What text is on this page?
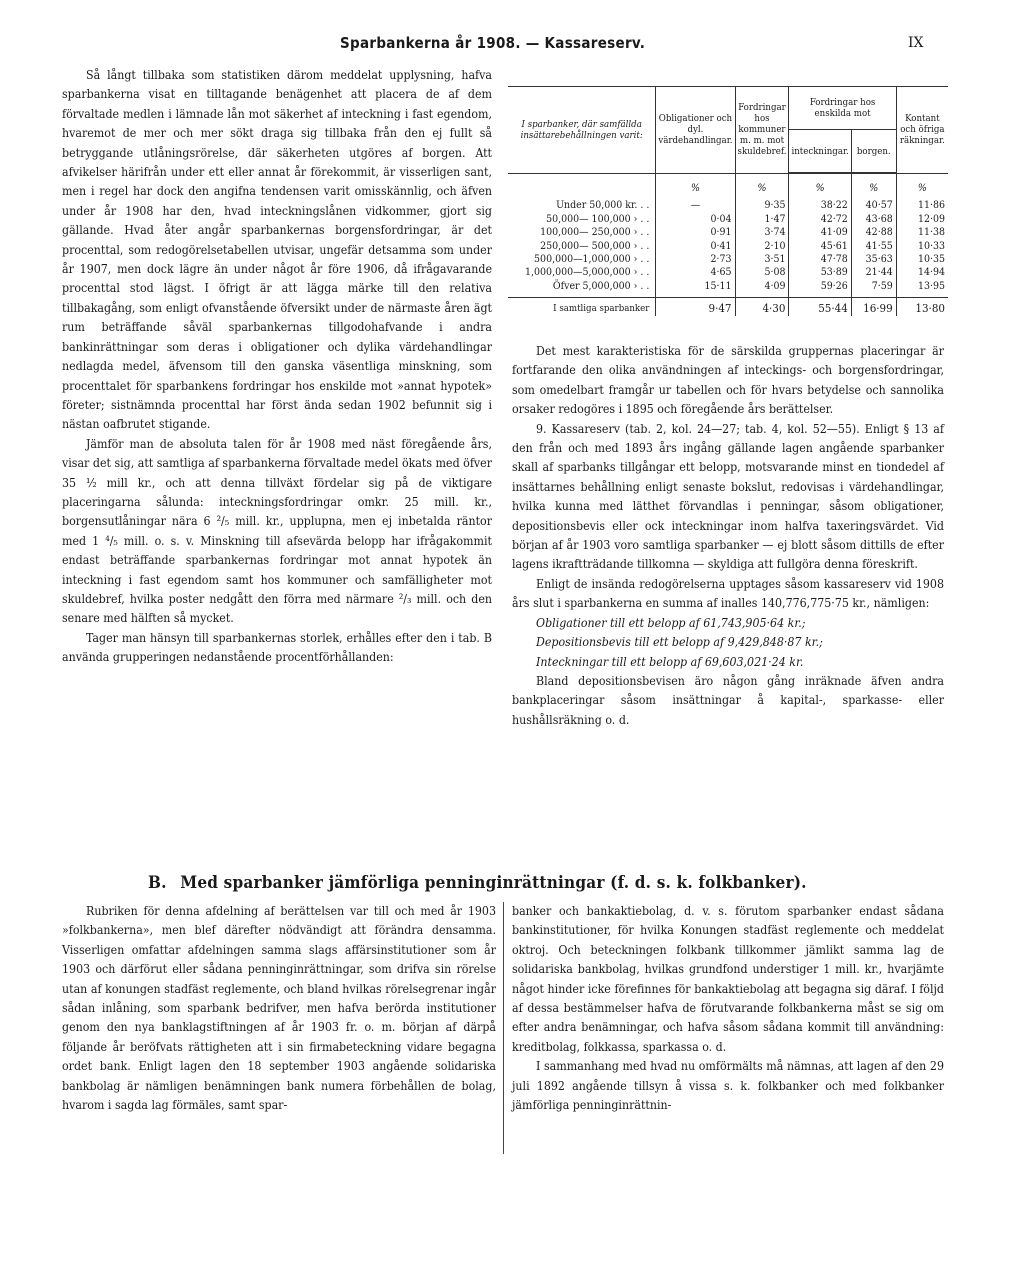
Sparbankerna år 1908. — Kassareserv.	IX

Så långt tillbaka som statistiken därom meddelat upplysning, hafva sparbankerna visat en tilltagande benägenhet att placera de af dem förvaltade medlen i lämnade lån mot säkerhet af inteckning i fast egendom, hvaremot de mer och mer sökt draga sig tillbaka från den ej fullt så betryggande utlåningsrörelse, där säkerheten utgöres af borgen. Att afvikelser härifrån under ett eller annat år förekommit, är visserligen sant, men i regel har dock den angifna tendensen varit omisskännlig, och äfven under år 1908 har den, hvad inteckningslånen vidkommer, gjort sig gällande. Hvad åter angår sparbankernas borgensfordringar, är det procenttal, som redogörelsetabellen utvisar, ungefär detsamma som under år 1907, men dock lägre än under något år före 1906, då ifrågavarande procenttal stod lägst. I öfrigt är att lägga märke till den relativa tillbakagång, som enligt ofvanstående öfversikt under de närmaste åren ägt rum beträffande såväl sparbankernas tillgodohafvande i andra bankinrättningar som deras i obligationer och dylika värdehandlingar nedlagda medel, äfvensom till den ganska väsentliga minskning, som procenttalet för sparbankens fordringar hos enskilde mot »annat hypotek» företer; sistnämnda procenttal har först ända sedan 1902 befunnit sig i nästan oafbrutet stigande.

Jämför man de absoluta talen för år 1908 med näst föregående års, visar det sig, att samtliga af sparbankerna förvaltade medel ökats med öfver 35 ½ mill kr., och att denna tillväxt fördelar sig på de viktigare placeringarna sålunda: inteckningsfordringar omkr. 25 mill. kr., borgensutlåningar nära 6 ²/₅ mill. kr., upplupna, men ej inbetalda räntor med 1 ⁴/₅ mill. o. s. v. Minskning till afsevärda belopp har ifrågakommit endast beträffande sparbankernas fordringar mot annat hypotek än inteckning i fast egendom samt hos kommuner och samfälligheter mot skuldebref, hvilka poster nedgått den förra med närmare ²/₃ mill. och den senare med hälften så mycket.

Tager man hänsyn till sparbankernas storlek, erhålles efter den i tab. B använda grupperingen nedanstående procentförhållanden:

I sparbanker, där samfällda insättarebehållningen varit:	Obligationer och dyl. värdehandlingar.	Fordringar hos kommuner m. m. mot skuldebref.	Fordringar hos enskilda mot		Kontant och öfriga räkningar.
			inteckningar.	borgen.	

	%	%	%	%	%
Under 50,000 kr. . .	—	9·35	38·22	40·57	11·86
50,000— 100,000 › . .	0·04	1·47	42·72	43·68	12·09
100,000— 250,000 › . .	0·91	3·74	41·09	42·88	11·38
250,000— 500,000 › . .	0·41	2·10	45·61	41·55	10·33
500,000—1,000,000 › . .	2·73	3·51	47·78	35·63	10·35
1,000,000—5,000,000 › . .	4·65	5·08	53·89	21·44	14·94
Öfver 5,000,000 › . .	15·11	4·09	59·26	7·59	13·95
I samtliga sparbanker	9·47	4·30	55·44	16·99	13·80

Det mest karakteristiska för de särskilda gruppernas placeringar är fortfarande den olika användningen af inteckings- och borgensfordringar, som omedelbart framgår ur tabellen och för hvars betydelse och sannolika orsaker redogöres i 1895 och föregående års berättelser.

9. Kassareserv (tab. 2, kol. 24—27; tab. 4, kol. 52—55). Enligt § 13 af den från och med 1893 års ingång gällande lagen angående sparbanker skall af sparbanks tillgångar ett belopp, motsvarande minst en tiondedel af insättarnes behållning enligt senaste bokslut, redovisas i värdehandlingar, hvilka kunna med lätthet förvandlas i penningar, såsom obligationer, depositionsbevis eller ock inteckningar inom halfva taxeringsvärdet. Vid början af år 1903 voro samtliga sparbanker — ej blott såsom dittills de efter lagens ikraftträdande tillkomna — skyldiga att fullgöra denna föreskrift.

Enligt de insända redogörelserna upptages såsom kassareserv vid 1908 års slut i sparbankerna en summa af inalles 140,776,775·75 kr., nämligen:

Obligationer till ett belopp af 61,743,905·64 kr.;

Depositionsbevis till ett belopp af 9,429,848·87 kr.;

Inteckningar till ett belopp af 69,603,021·24 kr.

Bland depositionsbevisen äro någon gång inräknade äfven andra bankplaceringar såsom insättningar å kapital-, sparkasse- eller hushållsräkning o. d.

B. Med sparbanker jämförliga penninginrättningar (f. d. s. k. folkbanker).

Rubriken för denna afdelning af berättelsen var till och med år 1903 »folkbankerna», men blef därefter nödvändigt att förändra densamma. Visserligen omfattar afdelningen samma slags affärsinstitutioner som år 1903 och därförut eller sådana penninginrättningar, som drifva sin rörelse utan af konungen stadfäst reglemente, och bland hvilkas rörelsegrenar ingår sådan inlåning, som sparbank bedrifver, men hafva berörda institutioner genom den nya banklagstiftningen af år 1903 fr. o. m. början af därpå följande år beröfvats rättigheten att i sin firmabeteckning vidare begagna ordet bank. Enligt lagen den 18 september 1903 angående solidariska bankbolag är nämligen benämningen bank numera förbehållen de bolag, hvarom i sagda lag förmäles, samt spar-

banker och bankaktiebolag, d. v. s. förutom sparbanker endast sådana bankinstitutioner, för hvilka Konungen stadfäst reglemente och meddelat oktroj. Och beteckningen folkbank tillkommer jämlikt samma lag de solidariska bankbolag, hvilkas grundfond understiger 1 mill. kr., hvarjämte något hinder icke förefinnes för bankaktiebolag att begagna sig däraf. I följd af dessa bestämmelser hafva de förutvarande folkbankerna måst se sig om efter andra benämningar, och hafva såsom sådana kommit till användning: kreditbolag, folkkassa, sparkassa o. d.

I sammanhang med hvad nu omförmälts må nämnas, att lagen af den 29 juli 1892 angående tillsyn å vissa s. k. folkbanker och med folkbanker jämförliga penninginrättnin-
